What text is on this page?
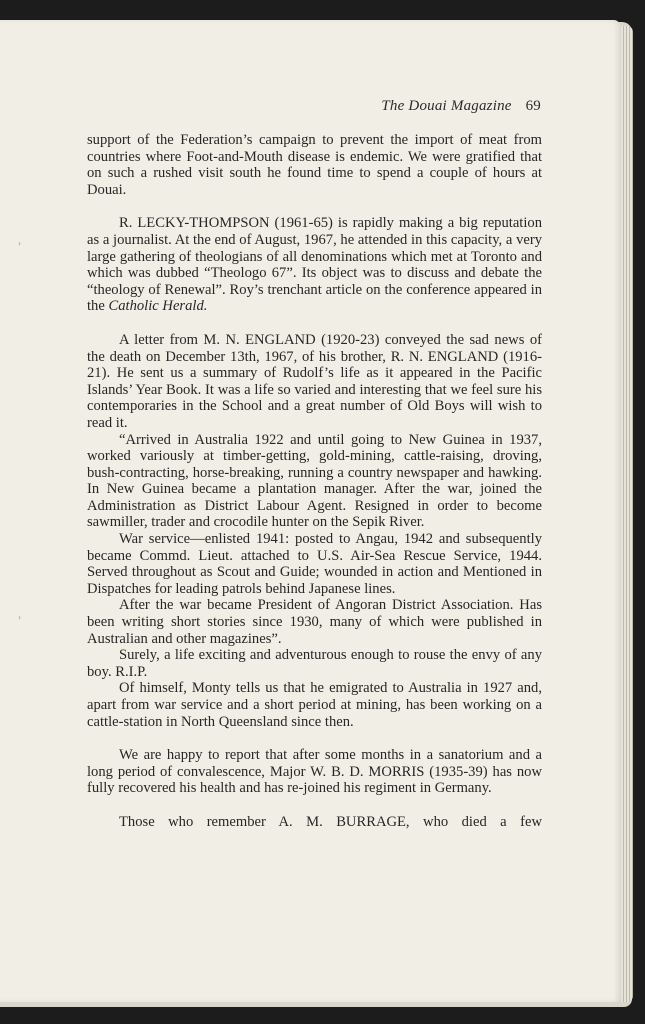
The Douai Magazine 69

support of the Federation’s campaign to prevent the import of meat from countries where Foot-and-Mouth disease is endemic. We were gratified that on such a rushed visit south he found time to spend a couple of hours at Douai.

R. LECKY-THOMPSON (1961-65) is rapidly making a big reputation as a journalist. At the end of August, 1967, he attended in this capacity, a very large gathering of theologians of all denominations which met at Toronto and which was dubbed “Theologo 67”. Its object was to discuss and debate the “theology of Renewal”. Roy’s trenchant article on the conference appeared in the Catholic Herald.

A letter from M. N. ENGLAND (1920-23) conveyed the sad news of the death on December 13th, 1967, of his brother, R. N. ENGLAND (1916-21). He sent us a summary of Rudolf’s life as it appeared in the Pacific Islands’ Year Book. It was a life so varied and interesting that we feel sure his contemporaries in the School and a great number of Old Boys will wish to read it.

“Arrived in Australia 1922 and until going to New Guinea in 1937, worked variously at timber-getting, gold-mining, cattle-raising, droving, bush-contracting, horse-breaking, running a country newspaper and hawking. In New Guinea became a plantation manager. After the war, joined the Administration as District Labour Agent. Resigned in order to become sawmiller, trader and crocodile hunter on the Sepik River.

War service—enlisted 1941: posted to Angau, 1942 and subsequently became Commd. Lieut. attached to U.S. Air-Sea Rescue Service, 1944. Served throughout as Scout and Guide; wounded in action and Mentioned in Dispatches for leading patrols behind Japanese lines.

After the war became President of Angoran District Association. Has been writing short stories since 1930, many of which were published in Australian and other magazines”.

Surely, a life exciting and adventurous enough to rouse the envy of any boy. R.I.P.

Of himself, Monty tells us that he emigrated to Australia in 1927 and, apart from war service and a short period at mining, has been working on a cattle-station in North Queensland since then.

We are happy to report that after some months in a sanatorium and a long period of convalescence, Major W. B. D. MORRIS (1935-39) has now fully recovered his health and has re-joined his regiment in Germany.

Those who remember A. M. BURRAGE, who died a few
